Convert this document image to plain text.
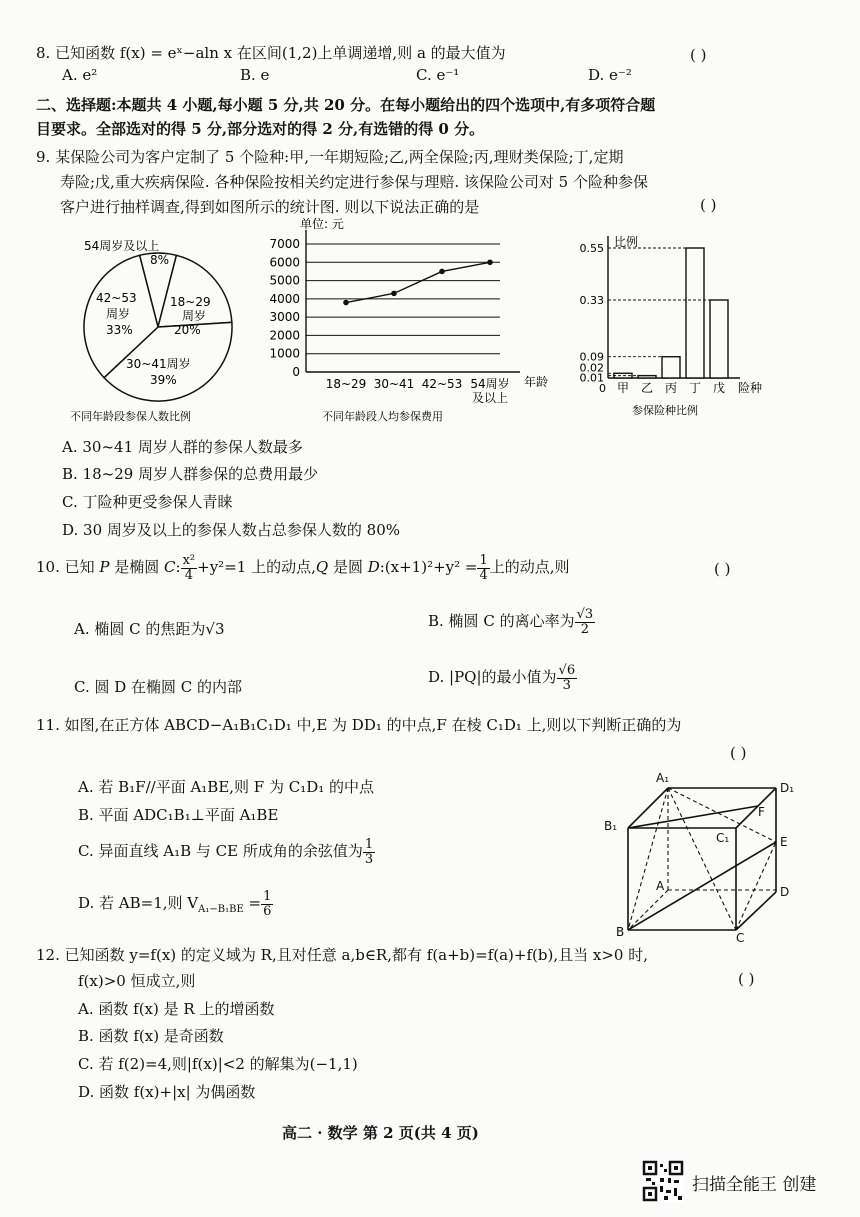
8. 已知函数 f(x) = eˣ−aln x 在区间(1,2)上单调递增,则 a 的最大值为	( )
A. e²	B. e	C. e⁻¹	D. e⁻²
二、选择题:本题共 4 小题,每小题 5 分,共 20 分。在每小题给出的四个选项中,有多项符合题
目要求。全部选对的得 5 分,部分选对的得 2 分,有选错的得 0 分。
9. 某保险公司为客户定制了 5 个险种:甲,一年期短险;乙,两全保险;丙,理财类保险;丁,定期
寿险;戊,重大疾病保险. 各种保险按相关约定进行参保与理赔. 该保险公司对 5 个险种参保
客户进行抽样调查,得到如图所示的统计图. 则以下说法正确的是	( )
54周岁及以上
8%
18~29
周岁
20%
42~53
周岁
33%
30~41周岁
39%
不同年龄段参保人数比例
单位: 元
0
1000
2000
3000
4000
5000
6000
7000
18~29 30~41 42~53 54周岁
及以上
年龄
不同年龄段人均参保费用
比例
甲 乙 丙 丁 戊
0
0.01
0.02
0.09
0.33
0.55
险种
参保险种比例
A. 30~41 周岁人群的参保人数最多
B. 18~29 周岁人群参保的总费用最少
C. 丁险种更受参保人青睐
D. 30 周岁及以上的参保人数占总参保人数的 80%
10. 已知 P 是椭圆 C: $\frac{\text{x²}}{4} +y^2=1$ 上的动点,Q 是圆 D:(x+1)²+y² = $\frac{1}{4}$ 上的动点,则	( )
A. 椭圆 C 的焦距为√3	B. 椭圆 C 的离心率为 $\frac{√3}{2}$
C. 圆 D 在椭圆 C 的内部
D. |PQ|的最小值为 $\frac{√6}{3}$
11. 如图,在正方体 ABCD−A₁B₁C₁D₁ 中,E 为 DD₁ 的中点,F 在棱 C₁D₁ 上,则以下判断正确的为
( )
A. 若 B₁F//平面 A₁BE,则 F 为 C₁D₁ 的中点
B. 平面 ADC₁B₁⊥平面 A₁BE
C. 异面直线 A₁B 与 CE 所成角的余弦值为 $\frac{1}{3}$
D. 若 AB=1,则 $V_{A_1-B_1BE} = \frac{1}{6}$
A₁
D₁
B₁
C₁
F
E
A	D
B	C
12. 已知函数 y=f(x) 的定义域为 R,且对任意 a,b∈R,都有 f(a+b)=f(a)+f(b),且当 x>0 时,
f(x)>0 恒成立,则	( )
A. 函数 f(x) 是 R 上的增函数
B. 函数 f(x) 是奇函数
C. 若 f(2)=4,则|f(x)|<2 的解集为(−1,1)
D. 函数 f(x)+|x| 为偶函数
高二 · 数学 第 2 页(共 4 页)
扫描全能王 创建
